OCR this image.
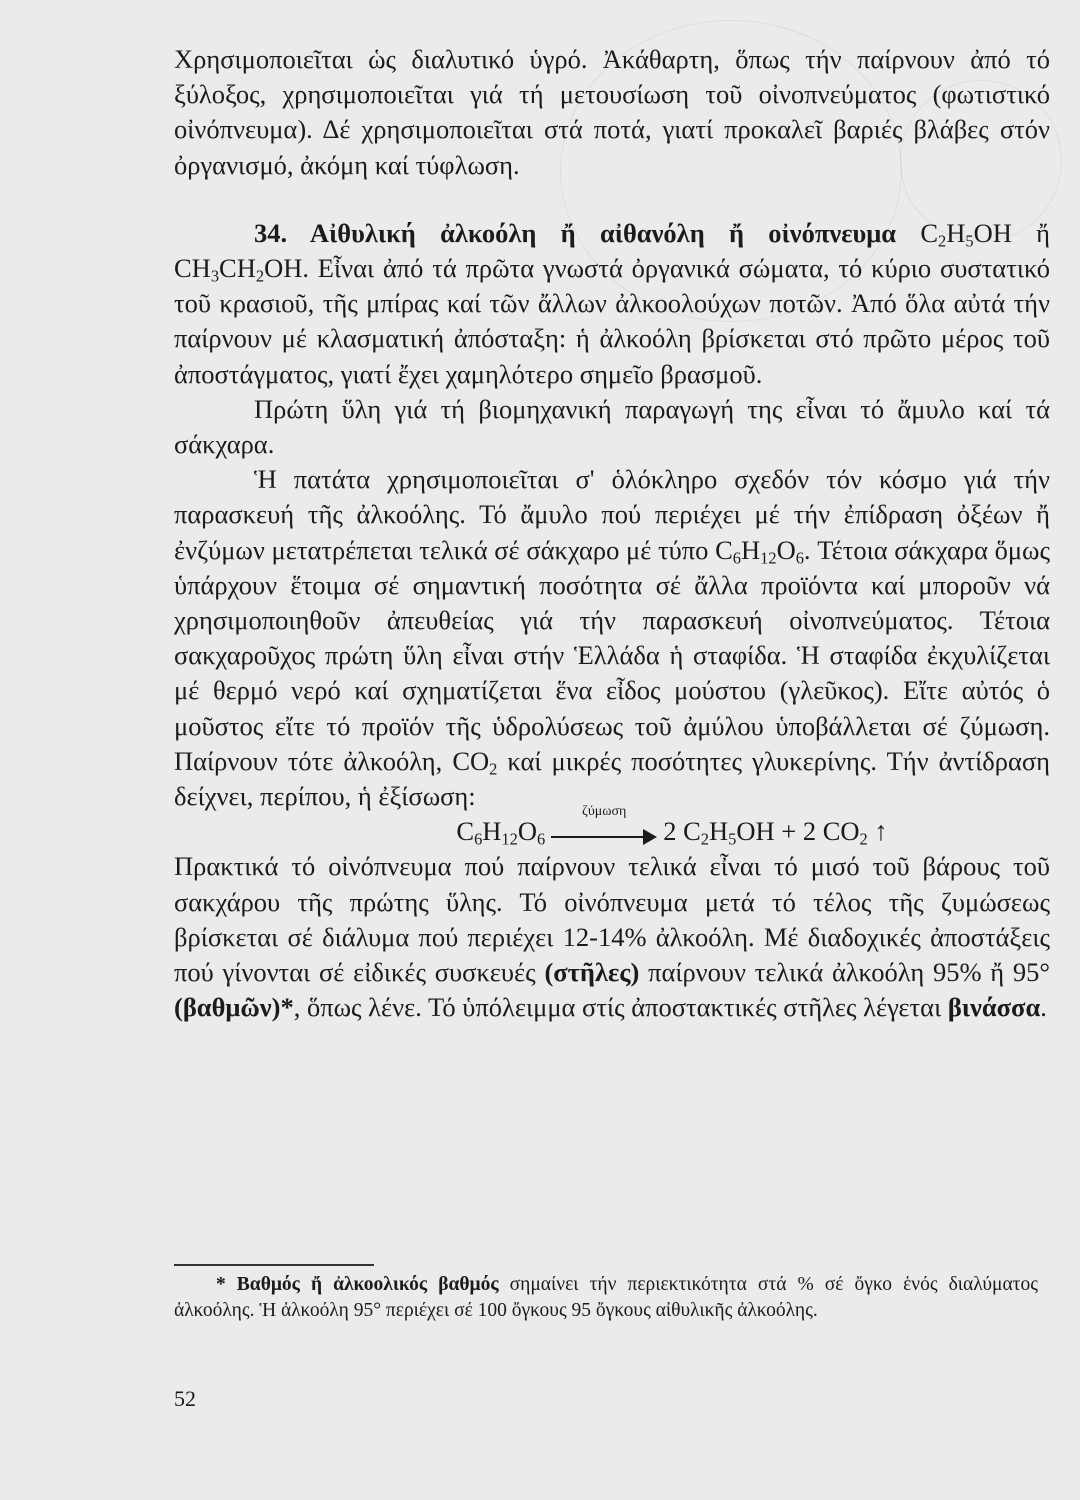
Χρησιμοποιεῖται ὡς διαλυτικό ὑγρό. Ἀκάθαρτη, ὅπως τήν παίρνουν ἀπό τό ξύλοξος, χρησιμοποιεῖται γιά τή μετουσίωση τοῦ οἰνοπνεύματος (φωτιστικό οἰνόπνευμα). Δέ χρησιμοποιεῖται στά ποτά, γιατί προκαλεῖ βαριές βλάβες στόν ὀργανισμό, ἀκόμη καί τύφλωση.

34. Αἰθυλική ἀλκοόλη ἤ αἰθανόλη ἤ οἰνόπνευμα $C_2H_5OH$ ἤ $CH_3CH_2OH$. Εἶναι ἀπό τά πρῶτα γνωστά ὀργανικά σώματα, τό κύριο συστατικό τοῦ κρασιοῦ, τῆς μπίρας καί τῶν ἄλλων ἀλκοολούχων ποτῶν. Ἀπό ὅλα αὐτά τήν παίρνουν μέ κλασματική ἀπόσταξη: ἡ ἀλκοόλη βρίσκεται στό πρῶτο μέρος τοῦ ἀποστάγματος, γιατί ἔχει χαμηλότερο σημεῖο βρασμοῦ.

Πρώτη ὕλη γιά τή βιομηχανική παραγωγή της εἶναι τό ἄμυλο καί τά σάκχαρα.

Ἡ πατάτα χρησιμοποιεῖται σ' ὁλόκληρο σχεδόν τόν κόσμο γιά τήν παρασκευή τῆς ἀλκοόλης. Τό ἄμυλο πού περιέχει μέ τήν ἐπίδραση ὀξέων ἤ ἐνζύμων μετατρέπεται τελικά σέ σάκχαρο μέ τύπο $C_6H_{12}O_6$. Τέτοια σάκχαρα ὅμως ὑπάρχουν ἕτοιμα σέ σημαντική ποσότητα σέ ἄλλα προϊόντα καί μποροῦν νά χρησιμοποιηθοῦν ἀπευθείας γιά τήν παρασκευή οἰνοπνεύματος. Τέτοια σακχαροῦχος πρώτη ὕλη εἶναι στήν Ἑλλάδα ἡ σταφίδα. Ἡ σταφίδα ἐκχυλίζεται μέ θερμό νερό καί σχηματίζεται ἕνα εἶδος μούστου (γλεῦκος). Εἴτε αὐτός ὁ μοῦστος εἴτε τό προϊόν τῆς ὑδρολύσεως τοῦ ἀμύλου ὑποβάλλεται σέ ζύμωση. Παίρνουν τότε ἀλκοόλη, $CO_2$ καί μικρές ποσότητες γλυκερίνης. Τήν ἀντίδραση δείχνει, περίπου, ἡ ἐξίσωση:

$C_6H_{12}O_6$
ζύμωση
2 $C_2H_5OH + 2$ $CO_2$ ↑

Πρακτικά τό οἰνόπνευμα πού παίρνουν τελικά εἶναι τό μισό τοῦ βάρους τοῦ σακχάρου τῆς πρώτης ὕλης. Τό οἰνόπνευμα μετά τό τέλος τῆς ζυμώσεως βρίσκεται σέ διάλυμα πού περιέχει 12-14% ἀλκοόλη. Μέ διαδοχικές ἀποστάξεις πού γίνονται σέ εἰδικές συσκευές (στῆλες) παίρνουν τελικά ἀλκοόλη 95% ἤ 95° (βαθμῶν)*, ὅπως λένε. Τό ὑπόλειμμα στίς ἀποστακτικές στῆλες λέγεται βινάσσα.

* Βαθμός ἤ ἀλκοολικός βαθμός σημαίνει τήν περιεκτικότητα στά % σέ ὄγκο ἑνός διαλύματος ἀλκοόλης. Ἡ ἀλκοόλη 95° περιέχει σέ 100 ὄγκους 95 ὄγκους αἰθυλικῆς ἀλκοόλης.

52
